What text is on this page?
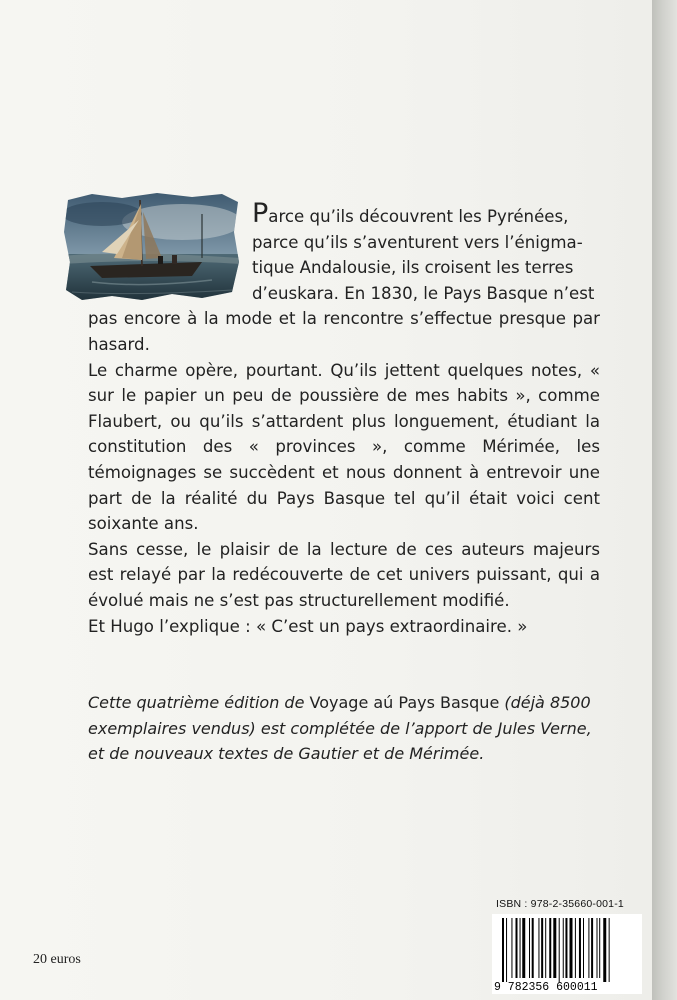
Parce qu’ils découvrent les Pyrénées,
parce qu’ils s’aventurent vers l’énigma-
tique Andalousie, ils croisent les terres
d’euskara. En 1830, le Pays Basque n’est
pas encore à la mode et la rencontre s’effectue presque par hasard.

Le charme opère, pourtant. Qu’ils jettent quelques notes, « sur le papier un peu de poussière de mes habits », comme Flaubert, ou qu’ils s’attardent plus longuement, étudiant la constitution des « provinces », comme Mérimée, les témoignages se succèdent et nous donnent à entrevoir une part de la réalité du Pays Basque tel qu’il était voici cent soixante ans.

Sans cesse, le plaisir de la lecture de ces auteurs majeurs est relayé par la redécouverte de cet univers puissant, qui a évolué mais ne s’est pas structurellement modifié.

Et Hugo l’explique : « C’est un pays extraordinaire. »

Cette quatrième édition de Voyage aú Pays Basque (déjà 8500 exemplaires vendus) est complétée de l’apport de Jules Verne, et de nouveaux textes de Gautier et de Mérimée.

ISBN : 978-2-35660-001-1
9 782356 600011
20 euros
